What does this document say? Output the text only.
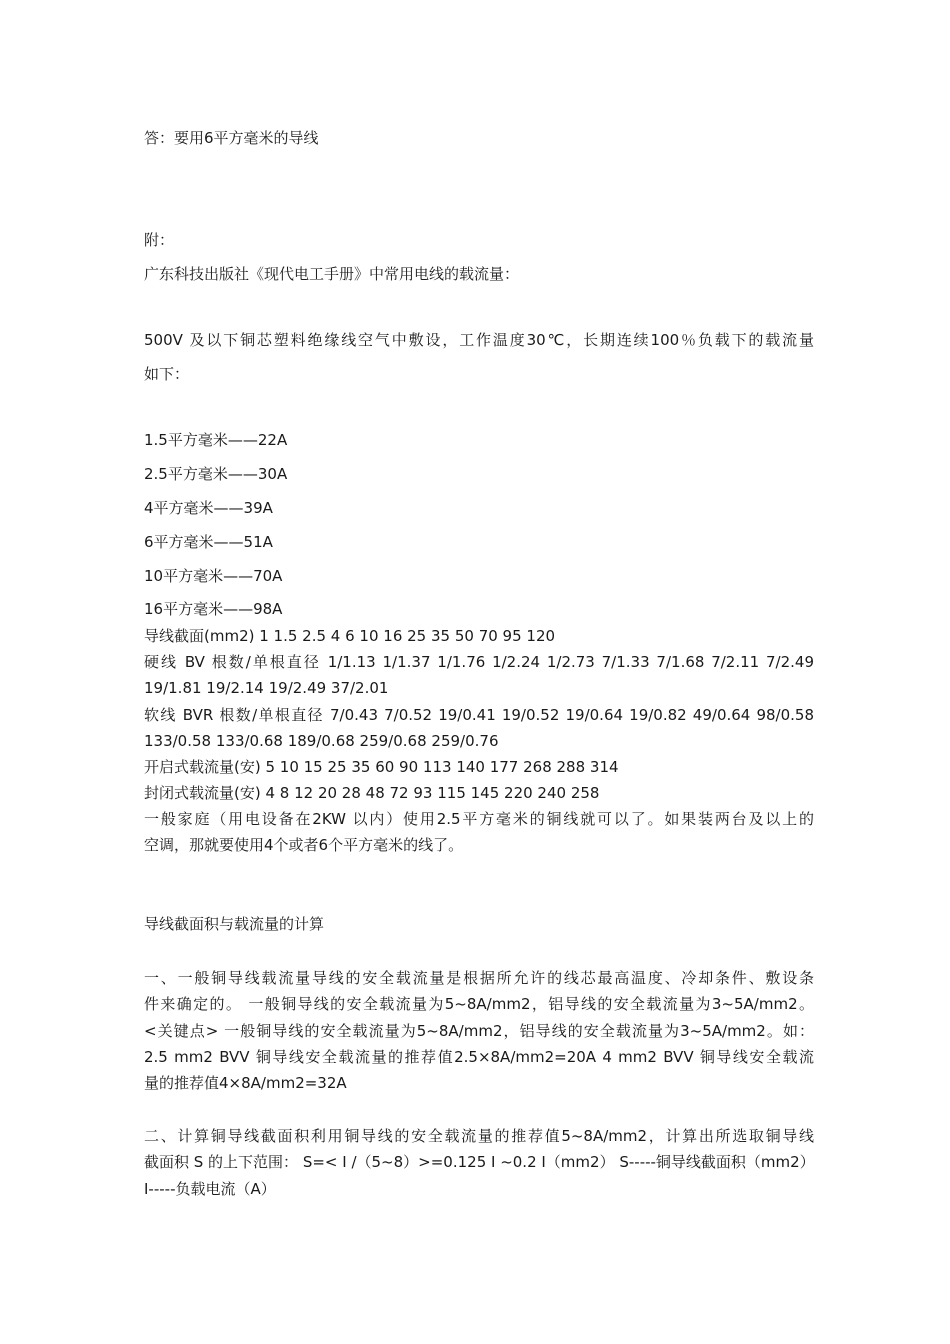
答：要用6平方毫米的导线
附：
广东科技出版社《现代电工手册》中常用电线的载流量：
500V 及以下铜芯塑料绝缘线空气中敷设，工作温度30℃，长期连续100％负载下的载流量
如下：
1.5平方毫米——22A
2.5平方毫米——30A
4平方毫米——39A
6平方毫米——51A
10平方毫米——70A
16平方毫米——98A
导线截面(mm2) 1 1.5 2.5 4 6 10 16 25 35 50 70 95 120
硬线 BV 根数/单根直径 1/1.13 1/1.37 1/1.76 1/2.24 1/2.73 7/1.33 7/1.68 7/2.11 7/2.49
19/1.81 19/2.14 19/2.49 37/2.01
软线 BVR 根数/单根直径 7/0.43 7/0.52 19/0.41 19/0.52 19/0.64 19/0.82 49/0.64 98/0.58
133/0.58 133/0.68 189/0.68 259/0.68 259/0.76
开启式载流量(安) 5 10 15 25 35 60 90 113 140 177 268 288 314
封闭式载流量(安) 4 8 12 20 28 48 72 93 115 145 220 240 258
一般家庭（用电设备在2KW 以内）使用2.5平方毫米的铜线就可以了。如果装两台及以上的
空调，那就要使用4个或者6个平方毫米的线了。
导线截面积与载流量的计算
一、一般铜导线载流量导线的安全载流量是根据所允许的线芯最高温度、冷却条件、敷设条
件来确定的。 一般铜导线的安全载流量为5~8A/mm2，铝导线的安全载流量为3~5A/mm2。
<关键点> 一般铜导线的安全载流量为5~8A/mm2，铝导线的安全载流量为3~5A/mm2。如：
2.5 mm2 BVV 铜导线安全载流量的推荐值2.5×8A/mm2=20A 4 mm2 BVV 铜导线安全载流
量的推荐值4×8A/mm2=32A
二、计算铜导线截面积利用铜导线的安全载流量的推荐值5~8A/mm2，计算出所选取铜导线
截面积 S 的上下范围： S=< I /（5~8）>=0.125 I ~0.2 I（mm2） S-----铜导线截面积（mm2）
I-----负载电流（A）
